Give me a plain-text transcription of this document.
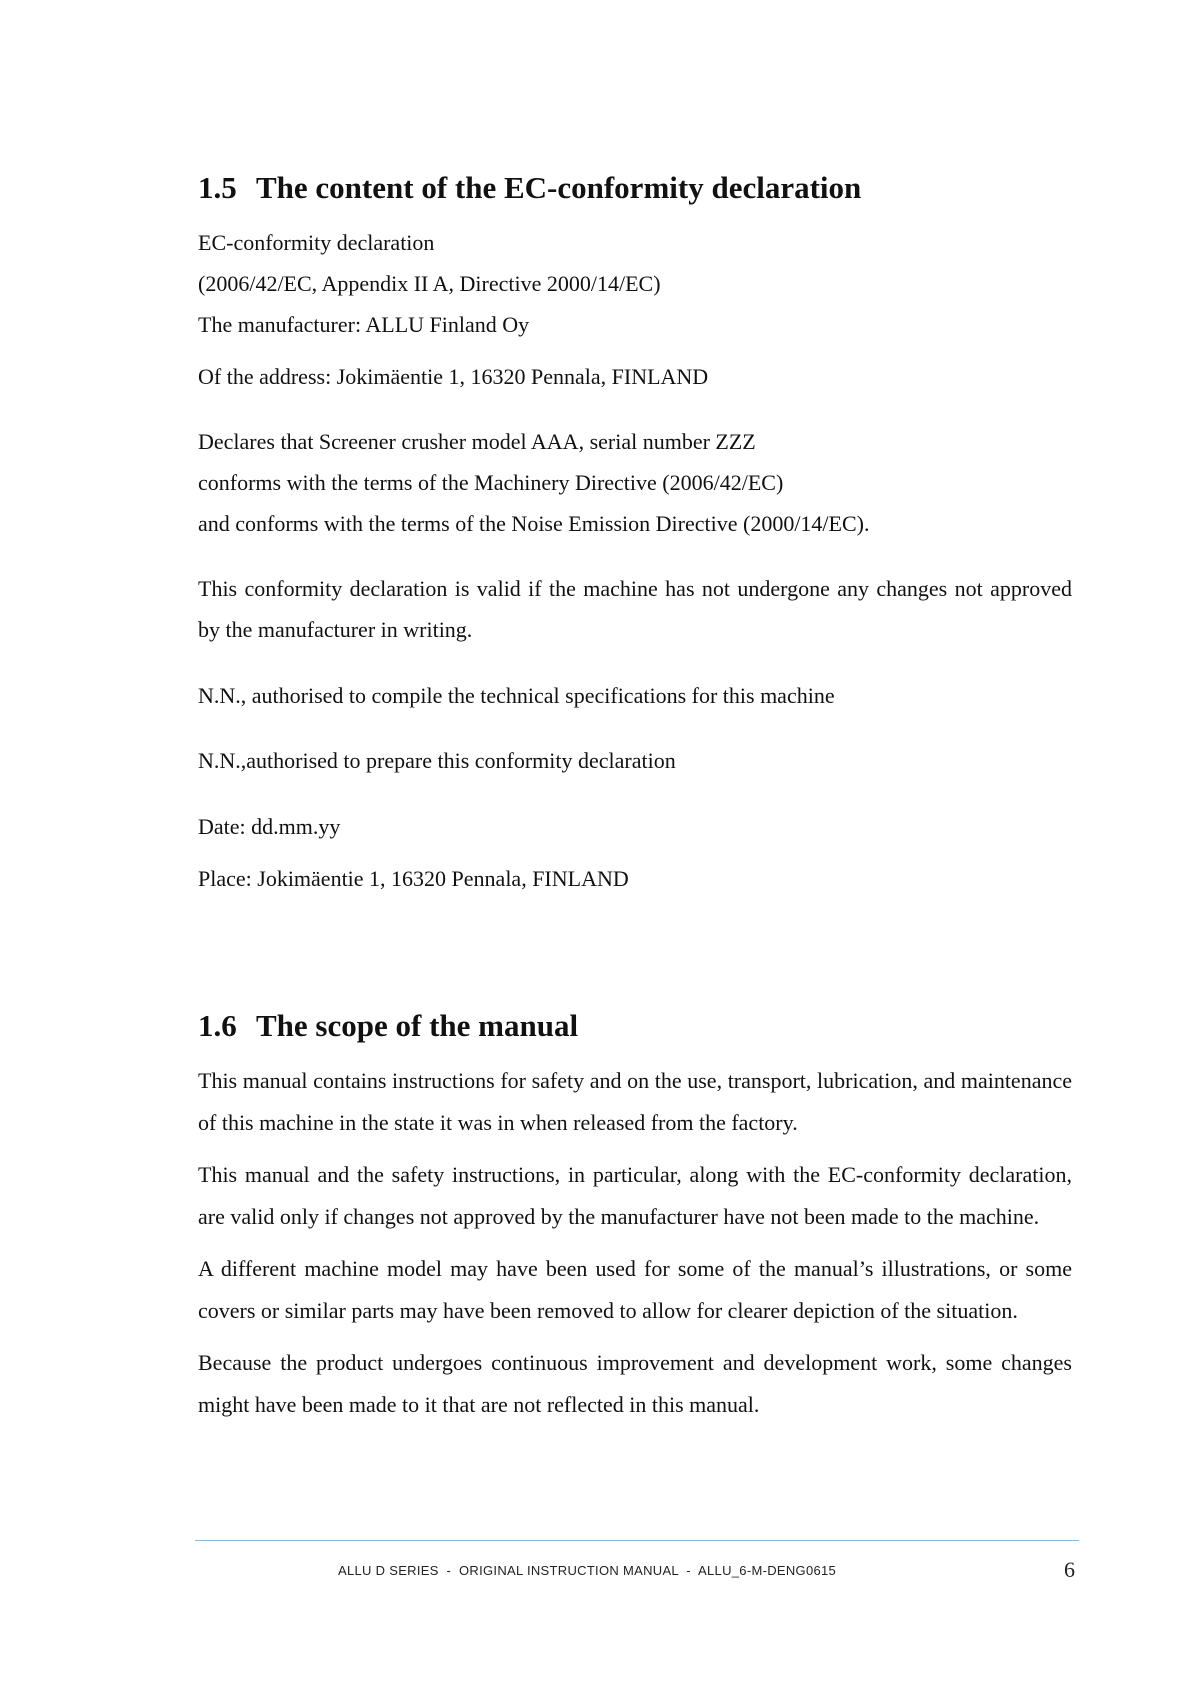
1.5 The content of the EC-conformity declaration

EC-conformity declaration

(2006/42/EC, Appendix II A, Directive 2000/14/EC)

The manufacturer: ALLU Finland Oy

Of the address: Jokimäentie 1, 16320 Pennala, FINLAND

Declares that Screener crusher model AAA, serial number ZZZ

conforms with the terms of the Machinery Directive (2006/42/EC)

and conforms with the terms of the Noise Emission Directive (2000/14/EC).

This conformity declaration is valid if the machine has not undergone any changes not approved by the manufacturer in writing.

N.N., authorised to compile the technical specifications for this machine

N.N.,authorised to prepare this conformity declaration

Date: dd.mm.yy

Place: Jokimäentie 1, 16320 Pennala, FINLAND

1.6 The scope of the manual

This manual contains instructions for safety and on the use, transport, lubrication, and maintenance of this machine in the state it was in when released from the factory.

This manual and the safety instructions, in particular, along with the EC-conformity declaration, are valid only if changes not approved by the manufacturer have not been made to the machine.

A different machine model may have been used for some of the manual’s illustrations, or some covers or similar parts may have been removed to allow for clearer depiction of the situation.

Because the product undergoes continuous improvement and development work, some changes might have been made to it that are not reflected in this manual.

ALLU D SERIES  -  ORIGINAL INSTRUCTION MANUAL  -  ALLU_6-M-DENG0615	6
